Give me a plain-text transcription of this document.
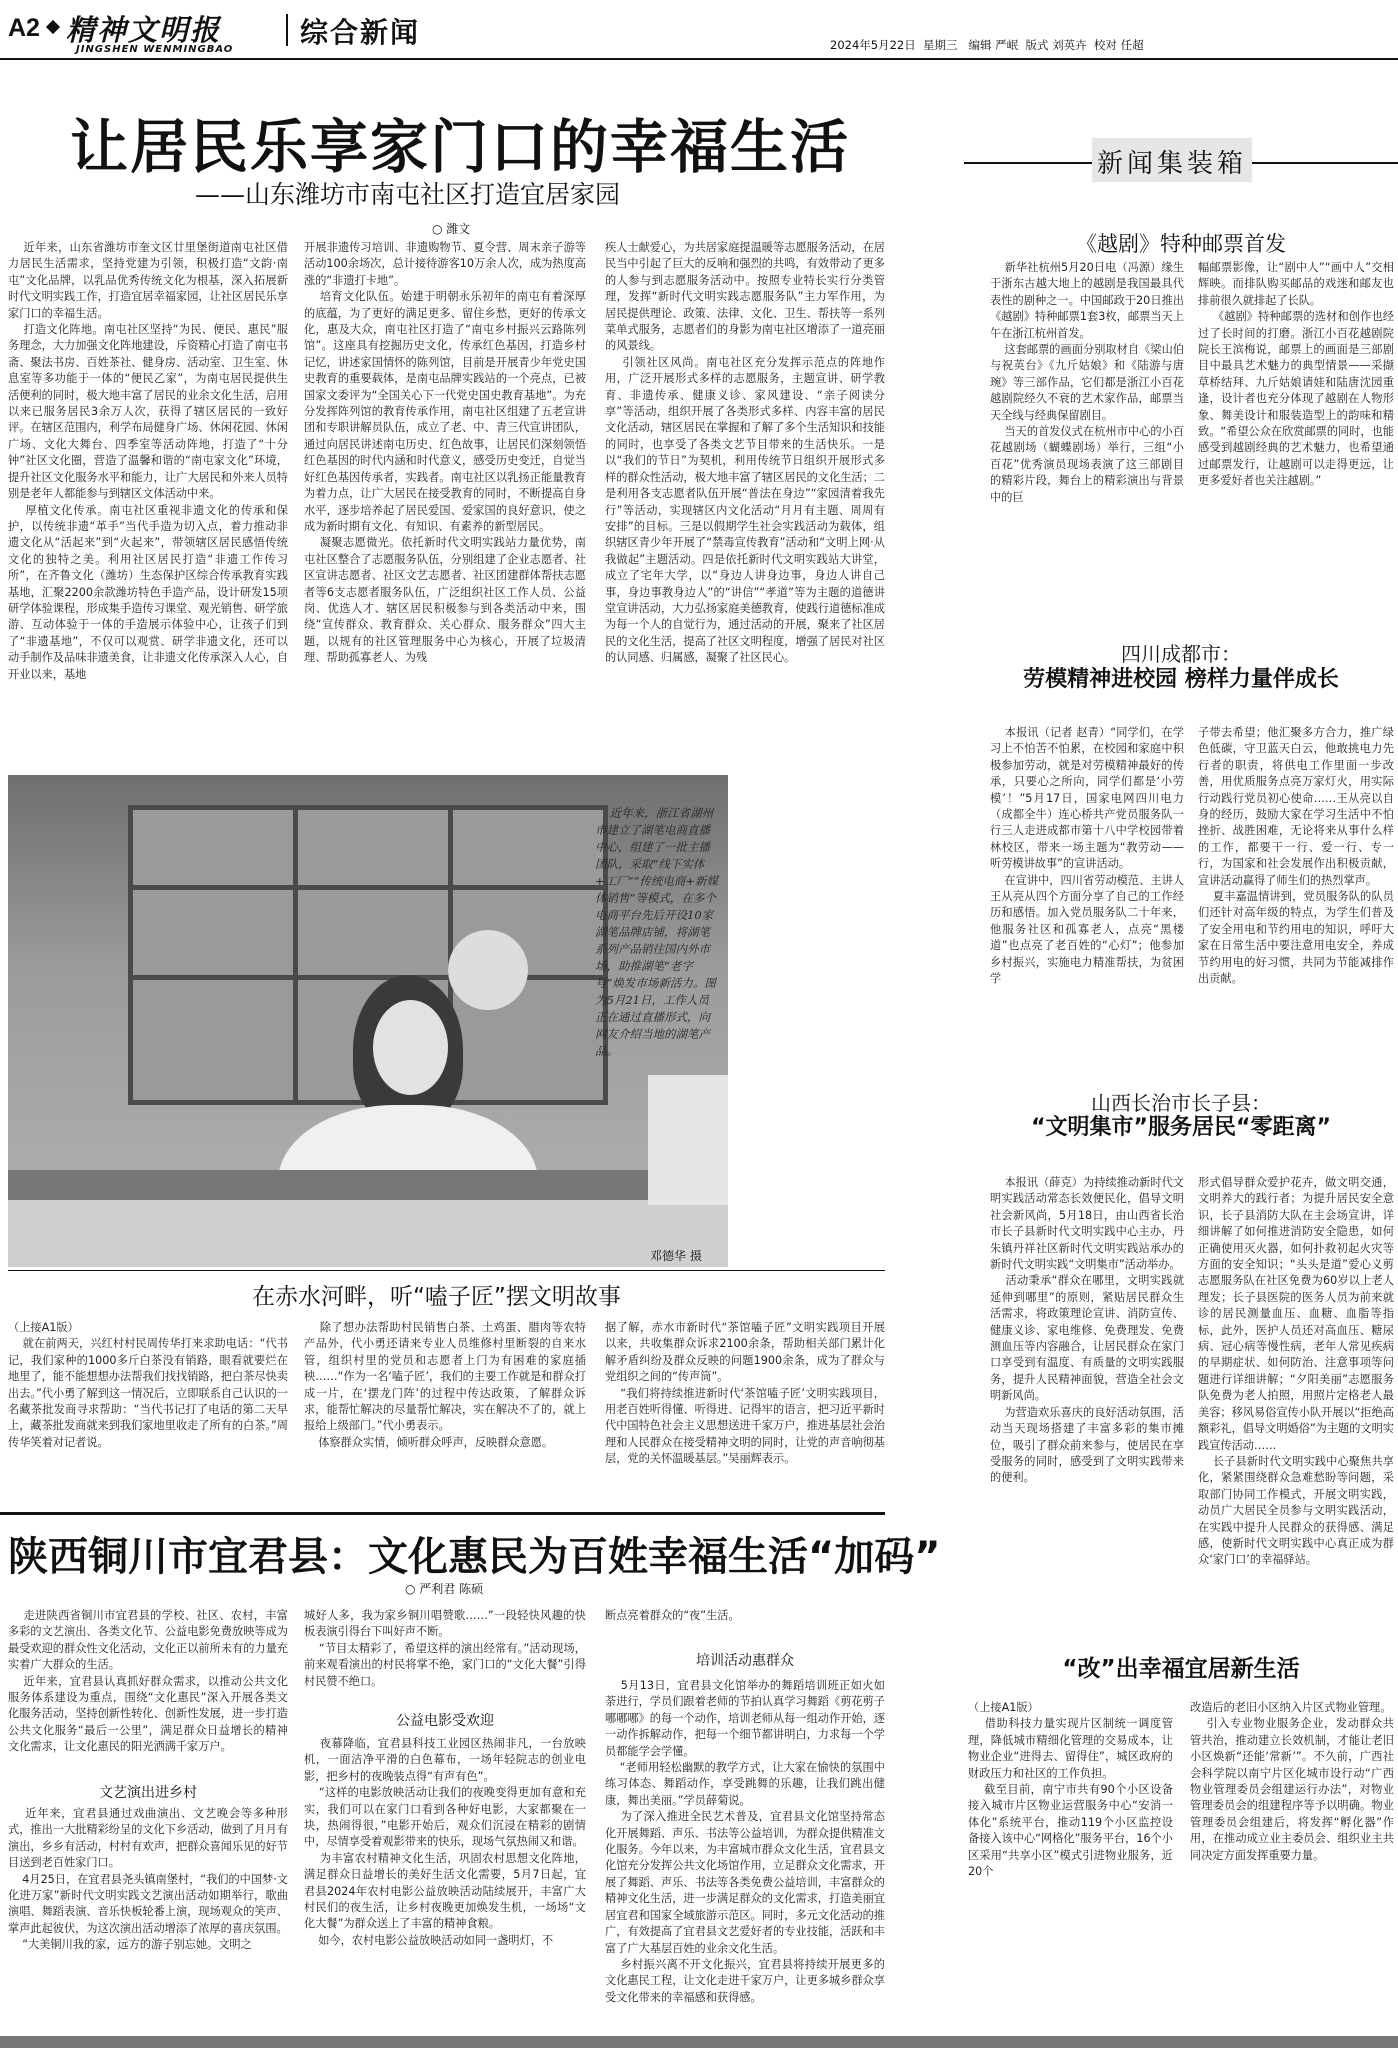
A2 精神文明报
JINGSHEN WENMINGBAO
综合新闻	2024年5月22日  星期三   编辑 严岷  版式 刘英卉  校对 任超
让居民乐享家门口的幸福生活
——山东潍坊市南屯社区打造宜居家园
○ 潍文
近年来，山东省潍坊市奎文区廿里堡街道南屯社区借力居民生活需求，坚持党建为引领，积极打造“文韵·南屯”文化品牌，以乳品优秀传统文化为根基，深入拓展新时代文明实践工作，打造宜居幸福家园，让社区居民乐享家门口的幸福生活。
打造文化阵地。南屯社区坚持“为民、便民、惠民”服务理念，大力加强文化阵地建设，斥资精心打造了南屯书斋、聚法书房、百姓茶社、健身房、活动室、卫生室、休息室等多功能于一体的“便民乙家”，为南屯居民提供生活便利的同时，极大地丰富了居民的业余文化生活，启用以来已服务居民3余万人次，获得了辖区居民的一致好评。在辖区范围内，利学布局健身广场、休闲花园、休闲广场、文化大舞台、四季室等活动阵地，打造了“十分钟”社区文化圈，营造了温馨和谐的“南屯家文化”环境，提升社区文化服务水平和能力，让广大居民和外来人员特别是老年人都能参与到辖区文体活动中来。
厚植文化传承。南屯社区重视非遗文化的传承和保护，以传统非遗“革手”当代手造为切入点，着力推动非遗文化从“活起来”到“火起来”，带领辖区居民感悟传统文化的独特之美。利用社区居民打造“非遗工作传习所”，在齐鲁文化（潍坊）生态保护区综合传承教育实践基地，汇聚2200余款潍坊特色手造产品，设计研发15项研学体验课程，形成集手造传习课堂、观光销售、研学旅游、互动体验于一体的手造展示体验中心，让孩子们到了“非遗基地”，不仅可以观赏、研学非遗文化，还可以动手制作及品味非遗美食，让非遗文化传承深入人心，自开业以来，基地
开展非遗传习培训、非遗购物节、夏令营、周末亲子游等活动100余场次，总计接待游客10万余人次，成为热度高涨的“非遗打卡地”。
培育文化队伍。始建于明朝永乐初年的南屯有着深厚的底蕴，为了更好的满足更多、留住乡愁，更好的传承文化，惠及大众，南屯社区打造了“南屯乡村振兴云路陈列馆”。这座具有挖掘历史文化，传承红色基因，打造乡村记忆，讲述家国情怀的陈列馆，目前是开展青少年党史国史教育的重要载体，是南屯品牌实践站的一个亮点，已被国家文委评为“全国关心下一代党史国史教育基地”。为充分发挥阵列馆的教育传承作用，南屯社区组建了五老宣讲团和专职讲解员队伍，成立了老、中、青三代宣讲团队，通过向居民讲述南屯历史、红色故事，让居民们深刻领悟红色基因的时代内涵和时代意义，感受历史变迁，自觉当好红色基因传承者，实践者。南屯社区以乳扬正能量教育为着力点，让广大居民在接受教育的同时，不断提高自身水平，逐步培养起了居民爱国、爱家国的良好意识，使之成为新时期有文化、有知识、有素养的新型居民。
凝聚志愿微光。依托新时代文明实践站力量优势，南屯社区整合了志愿服务队伍，分别组建了企业志愿者、社区宣讲志愿者、社区文艺志愿者、社区团建群体帮扶志愿者等6支志愿者服务队伍，广泛组织社区工作人员、公益岗、优选人才、辖区居民积极参与到各类活动中来，围绕“宣传群众、教育群众、关心群众、服务群众”四大主题，以规有的社区管理服务中心为核心，开展了垃圾清理、帮助孤寡老人、为残
疾人士献爱心，为共居家庭提温暖等志愿服务活动，在居民当中引起了巨大的反响和强烈的共鸣，有效带动了更多的人参与到志愿服务活动中。按照专业特长实行分类管理，发挥“新时代文明实践志愿服务队”主力军作用，为居民提供理论、政策、法律、文化、卫生、帮扶等一系列菜单式服务，志愿者们的身影为南屯社区增添了一道亮丽的风景线。
引领社区风尚。南屯社区充分发挥示范点的阵地作用，广泛开展形式多样的志愿服务，主题宣讲、研学教育、非遗传承、健康义诊、家风建设、“亲子阅读分享”等活动，组织开展了各类形式多样、内容丰富的居民文化活动，辖区居民在掌握和了解了多个生活知识和技能的同时，也享受了各类文艺节目带来的生活快乐。一是以“我们的节日”为契机，利用传统节日组织开展形式多样的群众性活动，极大地丰富了辖区居民的文化生活；二是利用各支志愿者队伍开展“普法在身边”“家园清着我先行”等活动，实现辖区内文化活动“月月有主题、周周有安排”的目标。三是以假期学生社会实践活动为载体，组织辖区青少年开展了“禁毒宣传教育”活动和“文明上网·从我做起”主题活动。四是依托新时代文明实践站大讲堂，成立了宅年大学，以“身边人讲身边事，身边人讲自己事，身边事教身边人”的“讲信”“孝道”等为主题的道德讲堂宣讲活动，大力弘扬家庭美德教育，使践行道德标准成为每一个人的自觉行为，通过活动的开展，聚来了社区居民的文化生活，提高了社区文明程度，增强了居民对社区的认同感、归属感，凝聚了社区民心。
近年来，浙江省湖州市建立了湖笔电商直播中心，组建了一批主播团队，采取“线下实体+工厂”“传统电商+新媒体销售”等模式，在多个电商平台先后开设10家湖笔品牌店铺，将湖笔系列产品销往国内外市场，助推湖笔“老字号”焕发市场新活力。图为5月21日，工作人员正在通过直播形式，向网友介绍当地的湖笔产品。
邓德华 摄
在赤水河畔，听“嗑子匠”摆文明故事
（上接A1版）
就在前两天，兴红村村民周传华打来求助电话：“代书记，我们家种的1000多斤白茶没有销路，眼看就要烂在地里了，能不能想想办法帮我们找找销路，把白茶尽快卖出去。”代小勇了解到这一情况后，立即联系自己认识的一名藏茶批发商寻求帮助：“当代书记打了电话的第二天早上，藏茶批发商就来到我们家地里收走了所有的白茶。”周传华笑着对记者说。
除了想办法帮助村民销售白茶、土鸡蛋、腊肉等农特产品外，代小勇还请来专业人员维修村里断裂的自来水管，组织村里的党员和志愿者上门为有困难的家庭插秧……“作为一名‘嗑子匠’，我们的主要工作就是和群众打成一片，在‘摆龙门阵’的过程中传达政策，了解群众诉求，能帮忙解决的尽量帮忙解决，实在解决不了的，就上报给上级部门。”代小勇表示。
体察群众实情，倾听群众呼声，反映群众意愿。
据了解，赤水市新时代“茶馆嗑子匠”文明实践项目开展以来，共收集群众诉求2100余条，帮助相关部门累计化解矛盾纠纷及群众反映的问题1900余条，成为了群众与党组织之间的“传声筒”。
“我们将持续推进新时代‘茶馆嗑子匠’文明实践项目，用老百姓听得懂、听得进、记得牢的语言，把习近平新时代中国特色社会主义思想送进千家万户，推进基层社会治理和人民群众在接受精神文明的同时，让党的声音响彻基层，党的关怀温暖基层。”吴丽辉表示。
陕西铜川市宜君县：文化惠民为百姓幸福生活“加码”
○ 严利君 陈硕
走进陕西省铜川市宜君县的学校、社区、农村，丰富多彩的文艺演出、各类文化节、公益电影免费放映等成为最受欢迎的群众性文化活动，文化正以前所未有的力量充实着广大群众的生活。
近年来，宜君县认真抓好群众需求，以推动公共文化服务体系建设为重点，围绕“文化惠民”深入开展各类文化服务活动，坚持创新性转化、创新性发展，进一步打造公共文化服务“最后一公里”，满足群众日益增长的精神文化需求，让文化惠民的阳光洒满千家万户。
文艺演出进乡村
近年来，宜君县通过戏曲演出、文艺晚会等多种形式，推出一大批精彩纷呈的文化下乡活动，做到了月月有演出，乡乡有活动，村村有欢声，把群众喜闻乐见的好节目送到老百姓家门口。
4月25日，在宜君县尧头镇南堡村，“我们的中国梦·文化进万家”新时代文明实践文艺演出活动如期举行，歌曲演唱、舞蹈表演、音乐快板轮番上演，现场观众的笑声、掌声此起彼伏，为这次演出活动增添了浓厚的喜庆氛围。
“大美铜川我的家，远方的游子别忘她。文明之
城好人多，我为家乡铜川唱赞歌……”一段轻快风趣的快板表演引得台下叫好声不断。
“节目太精彩了，希望这样的演出经常有。”活动现场，前来观看演出的村民将掌不绝，家门口的“文化大餐”引得村民赞不绝口。
公益电影受欢迎
夜幕降临，宜君县科技工业园区热闹非凡，一台放映机，一面洁净平滑的白色幕布，一场年轻院志的创业电影，把乡村的夜晚装点得“有声有色”。
“这样的电影放映活动让我们的夜晚变得更加有意和充实，我们可以在家门口看到各种好电影，大家都聚在一块，热闹得很，”电影开始后，观众们沉浸在精彩的剧情中，尽情享受着观影带来的快乐，现场气氛热闹又和谐。
为丰富农村精神文化生活，巩固农村思想文化阵地，满足群众日益增长的美好生活文化需要，5月7日起，宜君县2024年农村电影公益放映活动陆续展开，丰富广大村民们的夜生活，让乡村夜晚更加焕发生机，一场场“文化大餐”为群众送上了丰富的精神食粮。
如今，农村电影公益放映活动如同一盏明灯，不
断点亮着群众的“夜”生活。
培训活动惠群众
5月13日，宜君县文化馆举办的舞蹈培训班正如火如荼进行，学员们跟着老师的节拍认真学习舞蹈《剪花剪子哪哪哪》的每一个动作，培训老师从每一组动作开始，逐一动作拆解动作，把每一个细节都讲明白，力求每一个学员都能学会学懂。
“老师用轻松幽默的教学方式，让大家在愉快的氛围中练习体态、舞蹈动作，享受跳舞的乐趣，让我们跳出健康，舞出美丽。”学员薛菊说。
为了深入推进全民艺术普及，宜君县文化馆坚持常态化开展舞蹈、声乐、书法等公益培训，为群众提供精准文化服务。今年以来，为丰富城市群众文化生活，宜君县文化馆充分发挥公共文化场馆作用，立足群众文化需求，开展了舞蹈、声乐、书法等各类免费公益培训，丰富群众的精神文化生活，进一步满足群众的文化需求，打造美丽宜居宜君和国家全域旅游示范区。同时，多元文化活动的推广，有效提高了宜君县文艺爱好者的专业技能，活跃和丰富了广大基层百姓的业余文化生活。
乡村振兴离不开文化振兴，宜君县将持续开展更多的文化惠民工程，让文化走进千家万户，让更多城乡群众享受文化带来的幸福感和获得感。
新闻集装箱
《越剧》特种邮票首发
新华社杭州5月20日电（冯源）缘生于浙东古越大地上的越剧是我国最具代表性的剧种之一。中国邮政于20日推出《越剧》特种邮票1套3枚，邮票当天上午在浙江杭州首发。
这套邮票的画面分别取材自《梁山伯与祝英台》《九斤姑娘》和《陆游与唐琬》等三部作品，它们都是浙江小百花越剧院经久不衰的艺术家作品，邮票当天全线与经典保留剧目。
当天的首发仪式在杭州市中心的小百花越剧场（蝴蝶剧场）举行，三组“小百花”优秀演员现场表演了这三部剧目的精彩片段，舞台上的精彩演出与背景中的巨
幅邮票影像，让“剧中人”“画中人”交相辉映。而排队购买邮品的戏迷和邮友也排前很久就排起了长队。
《越剧》特种邮票的选材和创作也经过了长时间的打磨。浙江小百花越剧院院长王滨梅说，邮票上的画面是三部剧目中最具艺术魅力的典型情景——采撷草桥结拜、九斤姑娘请娃和陆唐沈园重逢，设计者也充分体现了越剧在人物形象、舞美设计和服装造型上的韵味和精致。“希望公众在欣赏邮票的同时，也能感受到越剧经典的艺术魅力，也希望通过邮票发行，让越剧可以走得更远，让更多爱好者也关注越剧。”
四川成都市：
劳模精神进校园 榜样力量伴成长
本报讯（记者 赵青）“同学们，在学习上不怕苦不怕累，在校园和家庭中积极参加劳动，就是对劳模精神最好的传承，只要心之所向，同学们都是‘小劳模’！”5月17日，国家电网四川电力（成都全牛）连心桥共产党员服务队一行三人走进成都市第十八中学校园带着林校区，带来一场主题为“教劳动——听劳模讲故事”的宣讲活动。
在宣讲中，四川省劳动模范、主讲人王从亮从四个方面分享了自己的工作经历和感悟。加入党员服务队二十年来，他服务社区和孤寡老人，点亮“黑楼道”也点亮了老百姓的“心灯”；他参加乡村振兴，实施电力精准帮扶，为贫困学
子带去希望；他汇聚多方合力，推广绿色低碳，守卫蓝天白云，他敢挑电力先行者的职责，将供电工作里面一步改善，用优质服务点亮万家灯火，用实际行动践行党员初心使命……王从亮以自身的经历，鼓励大家在学习生活中不怕挫折、战胜困难，无论将来从事什么样的工作，都要干一行、爱一行、专一行，为国家和社会发展作出积极贡献，宣讲活动赢得了师生们的热烈掌声。
夏丰嘉温情讲到，党员服务队的队员们还针对高年级的特点，为学生们普及了安全用电和节约用电的知识，呼吁大家在日常生活中要注意用电安全，养成节约用电的好习惯，共同为节能减排作出贡献。
山西长治市长子县：
“文明集市”服务居民“零距离”
本报讯（薛克）为持续推动新时代文明实践活动常态长效便民化，倡导文明社会新风尚，5月18日，由山西省长治市长子县新时代文明实践中心主办，丹朱镇丹祥社区新时代文明实践站承办的新时代文明实践“文明集市”活动举办。
活动秉承“群众在哪里，文明实践就延伸到哪里”的原则，紧贴居民群众生活需求，将政策理论宣讲、消防宣传、健康义诊、家电维修、免费理发、免费测血压等内容融合，让居民群众在家门口享受到有温度、有质量的文明实践服务，提升人民精神面貌，营造全社会文明新风尚。
为营造欢乐喜庆的良好活动氛围，活动当天现场搭建了丰富多彩的集市摊位，吸引了群众前来参与，使居民在享受服务的同时，感受到了文明实践带来的便利。
形式倡导群众爱护花卉，做文明交通，文明养大的践行者；为提升居民安全意识，长子县消防大队在主会场宣讲，详细讲解了如何推进消防安全隐患，如何正确使用灭火器，如何扑救初起火灾等方面的安全知识；“头头是道”爱心义剪志愿服务队在社区免费为60岁以上老人理发；长子县医院的医务人员为前来就诊的居民测量血压、血糖、血脂等指标，此外，医护人员还对高血压、糖尿病、冠心病等慢性病，老年人常见疾病的早期症状、如何防治、注意事项等问题进行详细讲解；“夕阳美丽”志愿服务队免费为老人拍照，用照片定格老人最美容；移风易俗宣传小队开展以“拒绝高额彩礼，倡导文明婚俗”为主题的文明实践宣传活动……
长子县新时代文明实践中心聚焦共享化，紧紧围绕群众急难愁盼等问题，采取部门协同工作模式，开展文明实践，动员广大居民全员参与文明实践活动，在实践中提升人民群众的获得感、满足感，使新时代文明实践中心真正成为群众‘家门口’的幸福驿站。
“改”出幸福宜居新生活
（上接A1版）
借助科技力量实现片区制统一调度管理，降低城市精细化管理的交易成本，让物业企业“进得去、留得住”，城区政府的财政压力和社区的工作负担。
截至目前，南宁市共有90个小区设备接入城市片区物业运营服务中心“安消一体化”系统平台，推动119个小区监控设备接入该中心“网格化”服务平台，16个小区采用“共享小区”模式引进物业服务，近20个
改造后的老旧小区纳入片区式物业管理。
引入专业物业服务企业，发动群众共管共治，推动建立长效机制，才能让老旧小区焕新“还能‘常新’”。不久前，广西社会科学院以南宁片区化城市设行动“广西物业管理委员会组建运行办法”，对物业管理委员会的组建程序等予以明确。物业管理委员会组建后，将发挥“孵化器”作用，在推动成立业主委员会、组织业主共同决定方面发挥重要力量。
